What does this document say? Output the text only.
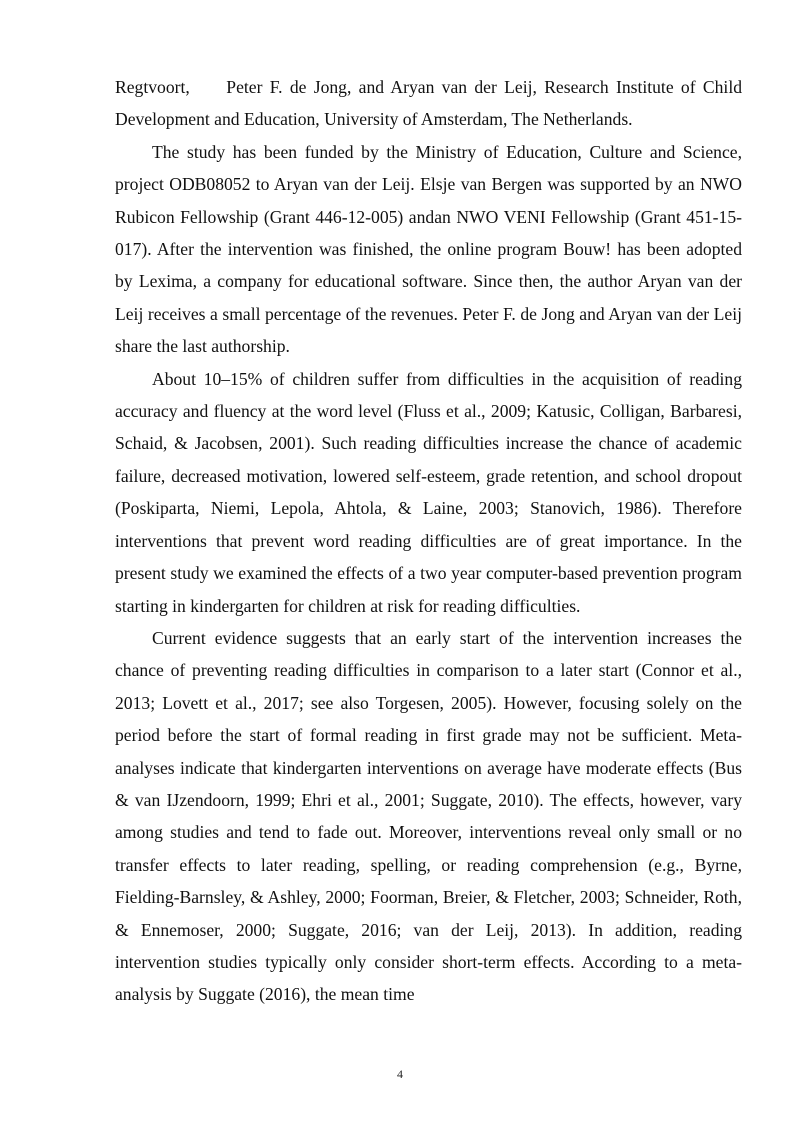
Regtvoort, Peter F. de Jong, and Aryan van der Leij, Research Institute of Child Development and Education, University of Amsterdam, The Netherlands.

The study has been funded by the Ministry of Education, Culture and Science, project ODB08052 to Aryan van der Leij. Elsje van Bergen was supported by an NWO Rubicon Fellowship (Grant 446-12-005) andan NWO VENI Fellowship (Grant 451-15-017). After the intervention was finished, the online program Bouw! has been adopted by Lexima, a company for educational software. Since then, the author Aryan van der Leij receives a small percentage of the revenues. Peter F. de Jong and Aryan van der Leij share the last authorship.

About 10–15% of children suffer from difficulties in the acquisition of reading accuracy and fluency at the word level (Fluss et al., 2009; Katusic, Colligan, Barbaresi, Schaid, & Jacobsen, 2001). Such reading difficulties increase the chance of academic failure, decreased motivation, lowered self-esteem, grade retention, and school dropout (Poskiparta, Niemi, Lepola, Ahtola, & Laine, 2003; Stanovich, 1986). Therefore interventions that prevent word reading difficulties are of great importance. In the present study we examined the effects of a two year computer-based prevention program starting in kindergarten for children at risk for reading difficulties.

Current evidence suggests that an early start of the intervention increases the chance of preventing reading difficulties in comparison to a later start (Connor et al., 2013; Lovett et al., 2017; see also Torgesen, 2005). However, focusing solely on the period before the start of formal reading in first grade may not be sufficient. Meta-analyses indicate that kindergarten interventions on average have moderate effects (Bus & van IJzendoorn, 1999; Ehri et al., 2001; Suggate, 2010). The effects, however, vary among studies and tend to fade out. Moreover, interventions reveal only small or no transfer effects to later reading, spelling, or reading comprehension (e.g., Byrne, Fielding-Barnsley, & Ashley, 2000; Foorman, Breier, & Fletcher, 2003; Schneider, Roth, & Ennemoser, 2000; Suggate, 2016; van der Leij, 2013). In addition, reading intervention studies typically only consider short-term effects. According to a meta-analysis by Suggate (2016), the mean time

4
